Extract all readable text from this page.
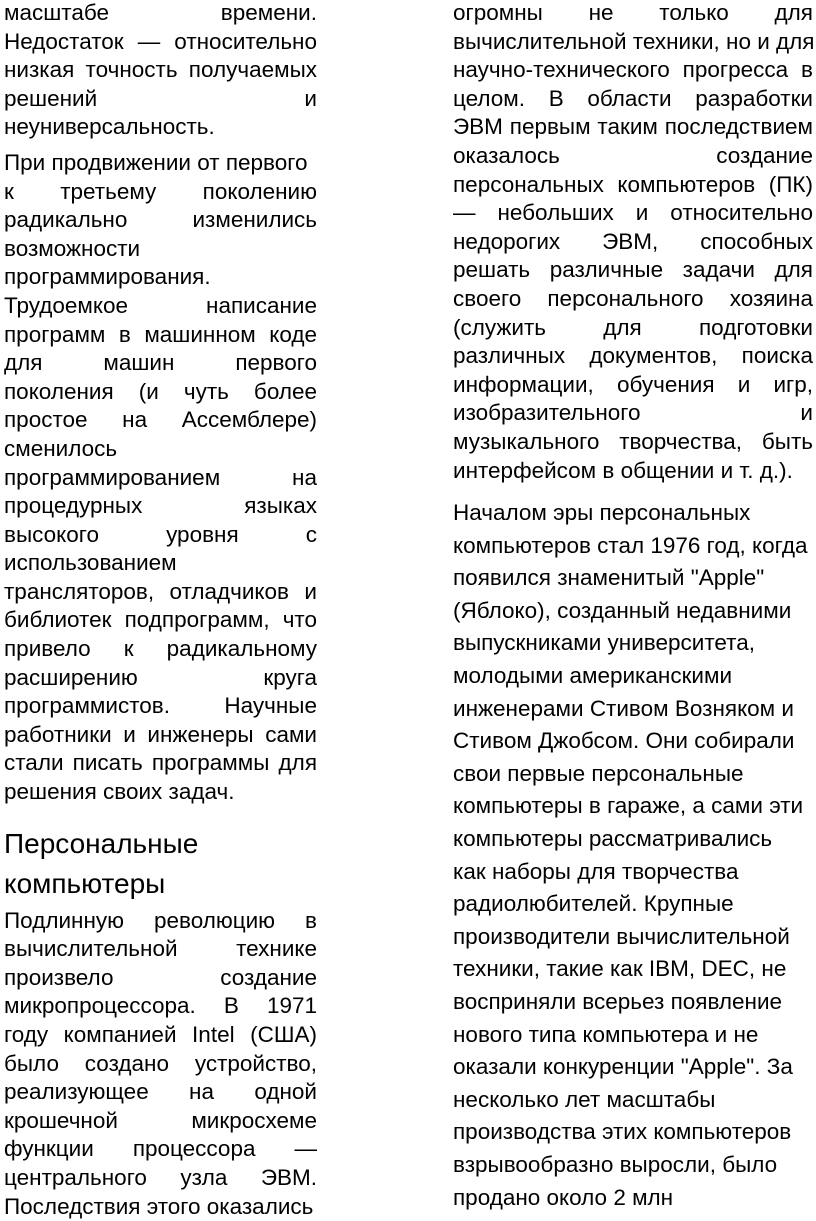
масштабе времени.
Недостаток — относительно
низкая точность получаемых
решений и
неуниверсальность.
При продвижении от первого
к третьему поколению
радикально изменились
возможности
программирования.
Трудоемкое написание
программ в машинном коде
для машин первого
поколения (и чуть более
простое на Ассемблере)
сменилось
программированием на
процедурных языках
высокого уровня с
использованием
трансляторов, отладчиков и
библиотек подпрограмм, что
привело к радикальному
расширению круга
программистов. Научные
работники и инженеры сами
стали писать программы для
решения своих задач.
Персональные
компьютеры
Подлинную революцию в
вычислительной технике
произвело создание
микропроцессора. В 1971
году компанией Intel (США)
было создано устройство,
реализующее на одной
крошечной микросхеме
функции процессора —
центрального узла ЭВМ.
Последствия этого оказались
огромны не только для
вычислительной техники, но и для
научно-технического прогресса в
целом. В области разработки
ЭВМ первым таким последствием
оказалось создание
персональных компьютеров (ПК)
— небольших и относительно
недорогих ЭВМ, способных
решать различные задачи для
своего персонального хозяина
(служить для подготовки
различных документов, поиска
информации, обучения и игр,
изобразительного и
музыкального творчества, быть
интерфейсом в общении и т. д.).
Началом эры персональных
компьютеров стал 1976 год, когда
появился знаменитый "Apple"
(Яблоко), созданный недавними
выпускниками университета,
молодыми американскими
инженерами Стивом Возняком и
Стивом Джобсом. Они собирали
свои первые персональные
компьютеры в гараже, а сами эти
компьютеры рассматривались
как наборы для творчества
радиолюбителей. Крупные
производители вычислительной
техники, такие как IBM, DEC, не
восприняли всерьез появление
нового типа компьютера и не
оказали конкуренции "Apple". За
несколько лет масштабы
производства этих компьютеров
взрывообразно выросли, было
продано около 2 млн
